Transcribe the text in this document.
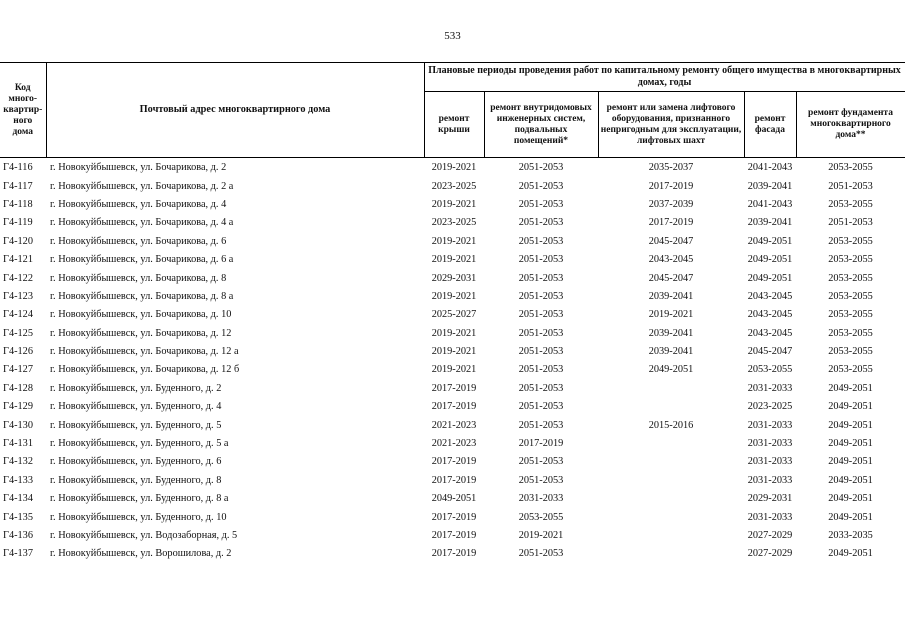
533
Код много-квартир-ного дома	Почтовый адрес многоквартирного дома	Плановые периоды проведения работ по капитальному ремонту общего имущества в многоквартирных домах, годы				
		ремонт крыши	ремонт внутридомовых инженерных систем, подвальных помещений*	ремонт или замена лифтового оборудования, признанного непригодным для эксплуатации, лифтовых шахт	ремонт фасада	ремонт фундамента многоквартирного дома**
Г4-116	г. Новокуйбышевск, ул. Бочарикова, д. 2	2019-2021	2051-2053	2035-2037	2041-2043	2053-2055
Г4-117	г. Новокуйбышевск, ул. Бочарикова, д. 2 а	2023-2025	2051-2053	2017-2019	2039-2041	2051-2053
Г4-118	г. Новокуйбышевск, ул. Бочарикова, д. 4	2019-2021	2051-2053	2037-2039	2041-2043	2053-2055
Г4-119	г. Новокуйбышевск, ул. Бочарикова, д. 4 а	2023-2025	2051-2053	2017-2019	2039-2041	2051-2053
Г4-120	г. Новокуйбышевск, ул. Бочарикова, д. 6	2019-2021	2051-2053	2045-2047	2049-2051	2053-2055
Г4-121	г. Новокуйбышевск, ул. Бочарикова, д. 6 а	2019-2021	2051-2053	2043-2045	2049-2051	2053-2055
Г4-122	г. Новокуйбышевск, ул. Бочарикова, д. 8	2029-2031	2051-2053	2045-2047	2049-2051	2053-2055
Г4-123	г. Новокуйбышевск, ул. Бочарикова, д. 8 а	2019-2021	2051-2053	2039-2041	2043-2045	2053-2055
Г4-124	г. Новокуйбышевск, ул. Бочарикова, д. 10	2025-2027	2051-2053	2019-2021	2043-2045	2053-2055
Г4-125	г. Новокуйбышевск, ул. Бочарикова, д. 12	2019-2021	2051-2053	2039-2041	2043-2045	2053-2055
Г4-126	г. Новокуйбышевск, ул. Бочарикова, д. 12 а	2019-2021	2051-2053	2039-2041	2045-2047	2053-2055
Г4-127	г. Новокуйбышевск, ул. Бочарикова, д. 12 б	2019-2021	2051-2053	2049-2051	2053-2055	2053-2055
Г4-128	г. Новокуйбышевск, ул. Буденного, д. 2	2017-2019	2051-2053		2031-2033	2049-2051
Г4-129	г. Новокуйбышевск, ул. Буденного, д. 4	2017-2019	2051-2053		2023-2025	2049-2051
Г4-130	г. Новокуйбышевск, ул. Буденного, д. 5	2021-2023	2051-2053	2015-2016	2031-2033	2049-2051
Г4-131	г. Новокуйбышевск, ул. Буденного, д. 5 а	2021-2023	2017-2019		2031-2033	2049-2051
Г4-132	г. Новокуйбышевск, ул. Буденного, д. 6	2017-2019	2051-2053		2031-2033	2049-2051
Г4-133	г. Новокуйбышевск, ул. Буденного, д. 8	2017-2019	2051-2053		2031-2033	2049-2051
Г4-134	г. Новокуйбышевск, ул. Буденного, д. 8 а	2049-2051	2031-2033		2029-2031	2049-2051
Г4-135	г. Новокуйбышевск, ул. Буденного, д. 10	2017-2019	2053-2055		2031-2033	2049-2051
Г4-136	г. Новокуйбышевск, ул. Водозаборная, д. 5	2017-2019	2019-2021		2027-2029	2033-2035
Г4-137	г. Новокуйбышевск, ул. Ворошилова, д. 2	2017-2019	2051-2053		2027-2029	2049-2051
